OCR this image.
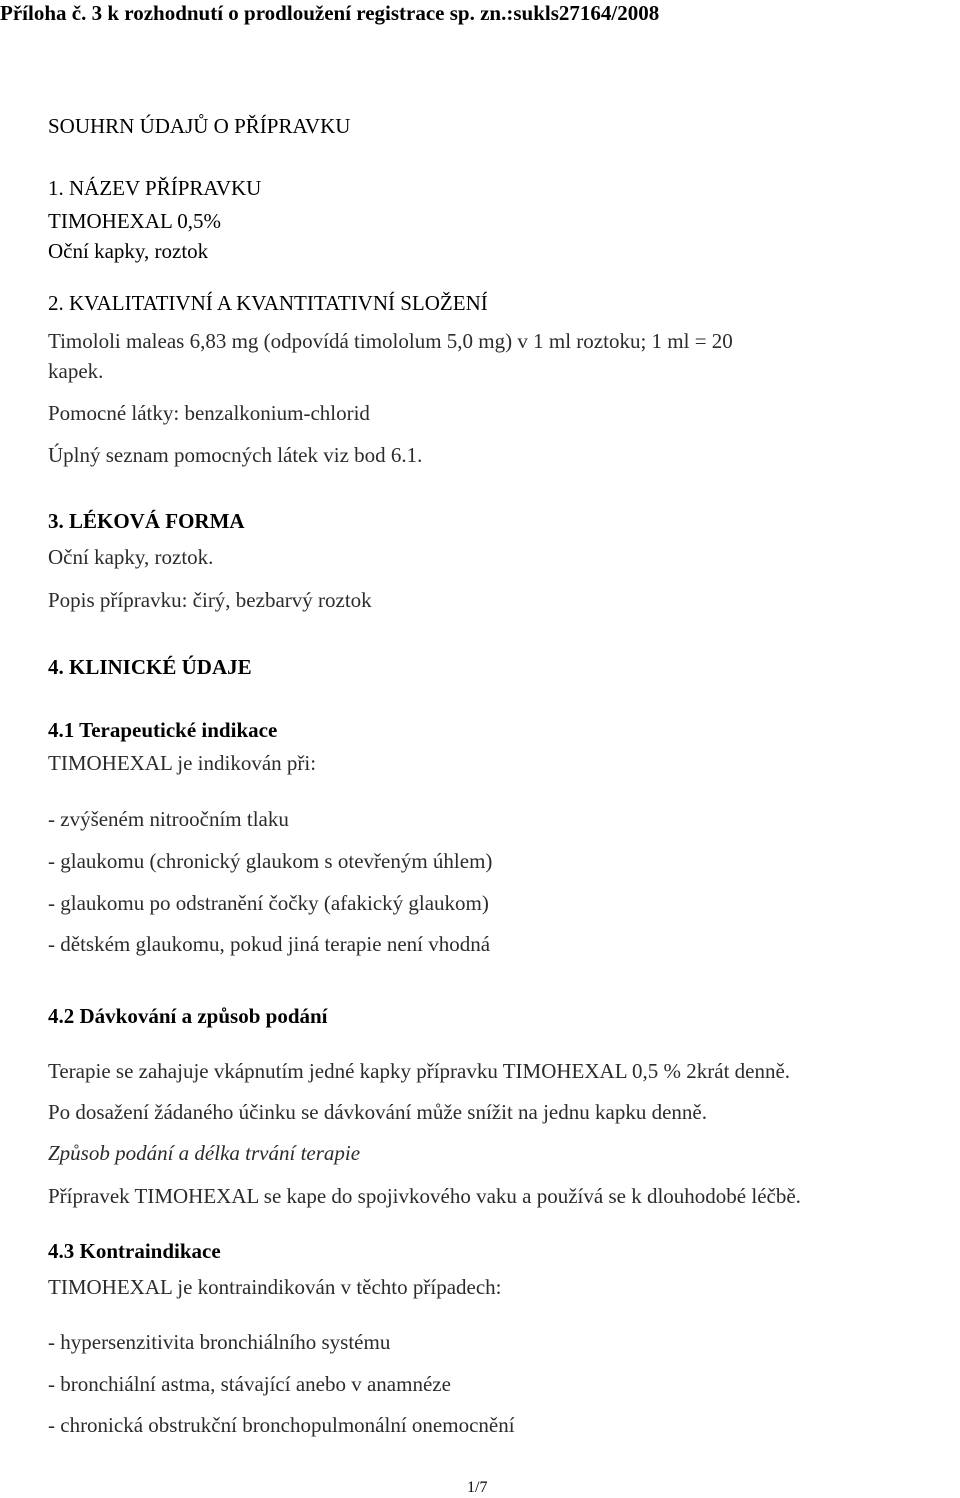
Příloha č. 3 k rozhodnutí o prodloužení registrace sp. zn.:sukls27164/2008
SOUHRN ÚDAJŮ O PŘÍPRAVKU
1. NÁZEV PŘÍPRAVKU
TIMOHEXAL 0,5%
Oční kapky, roztok
2. KVALITATIVNÍ A KVANTITATIVNÍ SLOŽENÍ
Timololi maleas 6,83 mg (odpovídá timololum 5,0 mg) v 1 ml roztoku; 1 ml = 20
kapek.
Pomocné látky: benzalkonium-chlorid
Úplný seznam pomocných látek viz bod 6.1.
3. LÉKOVÁ FORMA
Oční kapky, roztok.
Popis přípravku: čirý, bezbarvý roztok
4. KLINICKÉ ÚDAJE
4.1 Terapeutické indikace
TIMOHEXAL je indikován při:
- zvýšeném nitroočním tlaku
- glaukomu (chronický glaukom s otevřeným úhlem)
- glaukomu po odstranění čočky (afakický glaukom)
- dětském glaukomu, pokud jiná terapie není vhodná
4.2 Dávkování a způsob podání
Terapie se zahajuje vkápnutím jedné kapky přípravku TIMOHEXAL 0,5 % 2krát denně.
Po dosažení žádaného účinku se dávkování může snížit na jednu kapku denně.
Způsob podání a délka trvání terapie
Přípravek TIMOHEXAL se kape do spojivkového vaku a používá se k dlouhodobé léčbě.
4.3 Kontraindikace
TIMOHEXAL je kontraindikován v těchto případech:
- hypersenzitivita bronchiálního systému
- bronchiální astma, stávající anebo v anamnéze
- chronická obstrukční bronchopulmonální onemocnění
1/7
